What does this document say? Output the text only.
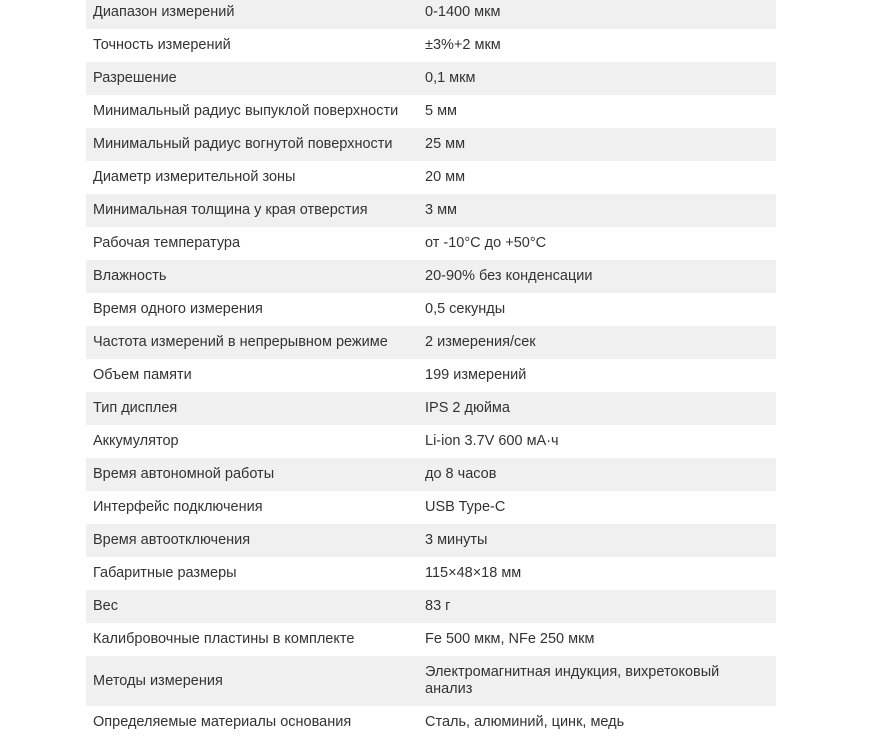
Диапазон измерений	0-1400 мкм
Точность измерений	±3%+2 мкм
Разрешение	0,1 мкм
Минимальный радиус выпуклой поверхности	5 мм
Минимальный радиус вогнутой поверхности	25 мм
Диаметр измерительной зоны	20 мм
Минимальная толщина у края отверстия	3 мм
Рабочая температура	от -10°C до +50°C
Влажность	20-90% без конденсации
Время одного измерения	0,5 секунды
Частота измерений в непрерывном режиме	2 измерения/сек
Объем памяти	199 измерений
Тип дисплея	IPS 2 дюйма
Аккумулятор	Li-ion 3.7V 600 мА·ч
Время автономной работы	до 8 часов
Интерфейс подключения	USB Type-C
Время автоотключения	3 минуты
Габаритные размеры	115×48×18 мм
Вес	83 г
Калибровочные пластины в комплекте	Fe 500 мкм, NFe 250 мкм
Методы измерения	Электромагнитная индукция, вихретоковый анализ
Определяемые материалы основания	Сталь, алюминий, цинк, медь
